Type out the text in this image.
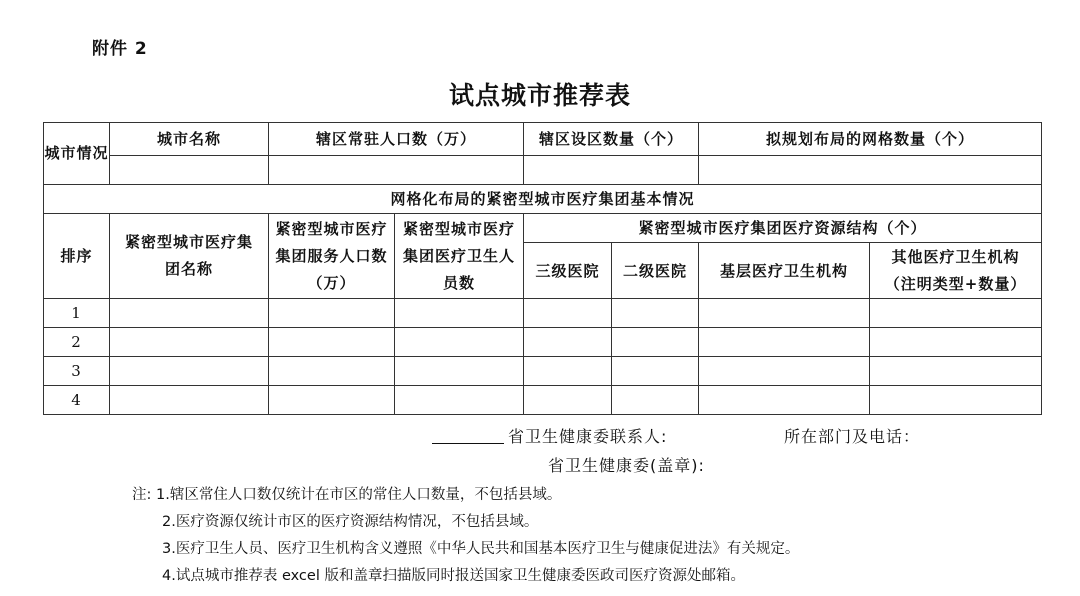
附件 2
试点城市推荐表
城市情况	城市名称	辖区常驻人口数（万）		辖区设区数量（个）		拟规划布局的网格数量（个）	

网格化布局的紧密型城市医疗集团基本情况							
排序	紧密型城市医疗集团名称	紧密型城市医疗集团服务人口数（万）	紧密型城市医疗集团医疗卫生人员数	紧密型城市医疗集团医疗资源结构（个）			
				三级医院	二级医院	基层医疗卫生机构	其他医疗卫生机构（注明类型+数量）
1							
2							
3							
4							
省卫生健康委联系人:	所在部门及电话：
省卫生健康委(盖章):
注: 1.辖区常住人口数仅统计在市区的常住人口数量，不包括县域。
2.医疗资源仅统计市区的医疗资源结构情况，不包括县域。
3.医疗卫生人员、医疗卫生机构含义遵照《中华人民共和国基本医疗卫生与健康促进法》有关规定。
4.试点城市推荐表 excel 版和盖章扫描版同时报送国家卫生健康委医政司医疗资源处邮箱。
